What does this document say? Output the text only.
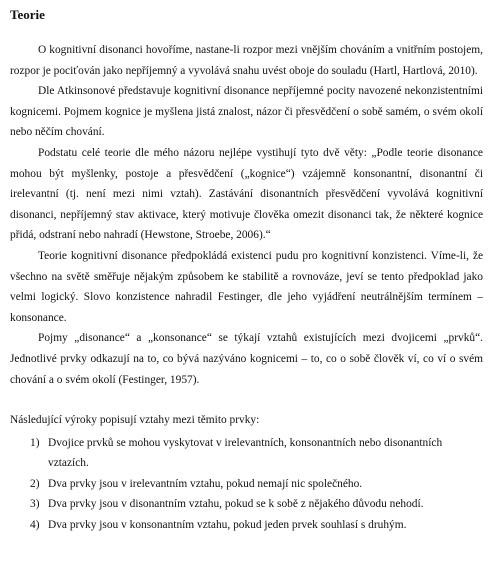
Teorie

O kognitivní disonanci hovoříme, nastane-li rozpor mezi vnějším chováním a vnitřním postojem, rozpor je pociťován jako nepříjemný a vyvolává snahu uvést oboje do souladu (Hartl, Hartlová, 2010).

Dle Atkinsonové představuje kognitivní disonance nepříjemné pocity navozené nekonzistentními kognicemi. Pojmem kognice je myšlena jistá znalost, názor či přesvědčení o sobě samém, o svém okolí nebo něčím chování.

Podstatu celé teorie dle mého názoru nejlépe vystihují tyto dvě věty: „Podle teorie disonance mohou být myšlenky, postoje a přesvědčení („kognice“) vzájemně konsonantní, disonantní či irelevantní (tj. není mezi nimi vztah). Zastávání disonantních přesvědčení vyvolává kognitivní disonanci, nepříjemný stav aktivace, který motivuje člověka omezit disonanci tak, že některé kognice přidá, odstraní nebo nahradí (Hewstone, Stroebe, 2006).“

Teorie kognitivní disonance předpokládá existenci pudu pro kognitivní konzistenci. Víme-li, že všechno na světě směřuje nějakým způsobem ke stabilitě a rovnováze, jeví se tento předpoklad jako velmi logický. Slovo konzistence nahradil Festinger, dle jeho vyjádření neutrálnějším termínem – konsonance.

Pojmy „disonance“ a „konsonance“ se týkají vztahů existujících mezi dvojicemi „prvků“. Jednotlivé prvky odkazují na to, co bývá nazýváno kognicemi – to, co o sobě člověk ví, co ví o svém chování a o svém okolí (Festinger, 1957).

Následující výroky popisují vztahy mezi těmito prvky:

1) Dvojice prvků se mohou vyskytovat v irelevantních, konsonantních nebo disonantních vztazích.
2) Dva prvky jsou v irelevantním vztahu, pokud nemají nic společného.
3) Dva prvky jsou v disonantním vztahu, pokud se k sobě z nějakého důvodu nehodí.
4) Dva prvky jsou v konsonantním vztahu, pokud jeden prvek souhlasí s druhým.
